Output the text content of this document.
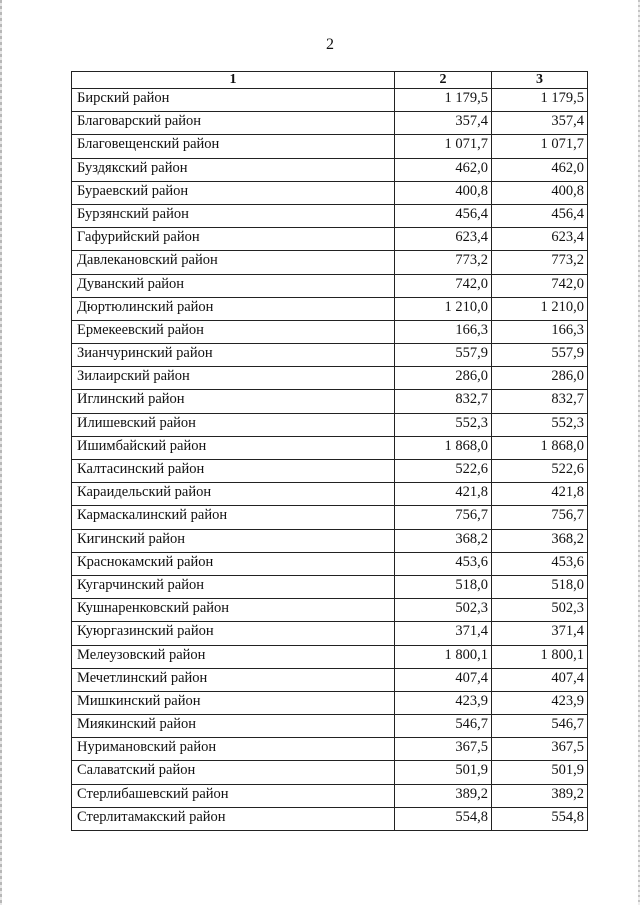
2
1	2	3
Бирский район	1 179,5	1 179,5
Благоварский район	357,4	357,4
Благовещенский район	1 071,7	1 071,7
Буздякский район	462,0	462,0
Бураевский район	400,8	400,8
Бурзянский район	456,4	456,4
Гафурийский район	623,4	623,4
Давлекановский район	773,2	773,2
Дуванский район	742,0	742,0
Дюртюлинский район	1 210,0	1 210,0
Ермекеевский район	166,3	166,3
Зианчуринский район	557,9	557,9
Зилаирский район	286,0	286,0
Иглинский район	832,7	832,7
Илишевский район	552,3	552,3
Ишимбайский район	1 868,0	1 868,0
Калтасинский район	522,6	522,6
Караидельский район	421,8	421,8
Кармаскалинский район	756,7	756,7
Кигинский район	368,2	368,2
Краснокамский район	453,6	453,6
Кугарчинский район	518,0	518,0
Кушнаренковский район	502,3	502,3
Куюргазинский район	371,4	371,4
Мелеузовский район	1 800,1	1 800,1
Мечетлинский район	407,4	407,4
Мишкинский район	423,9	423,9
Миякинский район	546,7	546,7
Нуримановский район	367,5	367,5
Салаватский район	501,9	501,9
Стерлибашевский район	389,2	389,2
Стерлитамакский район	554,8	554,8
